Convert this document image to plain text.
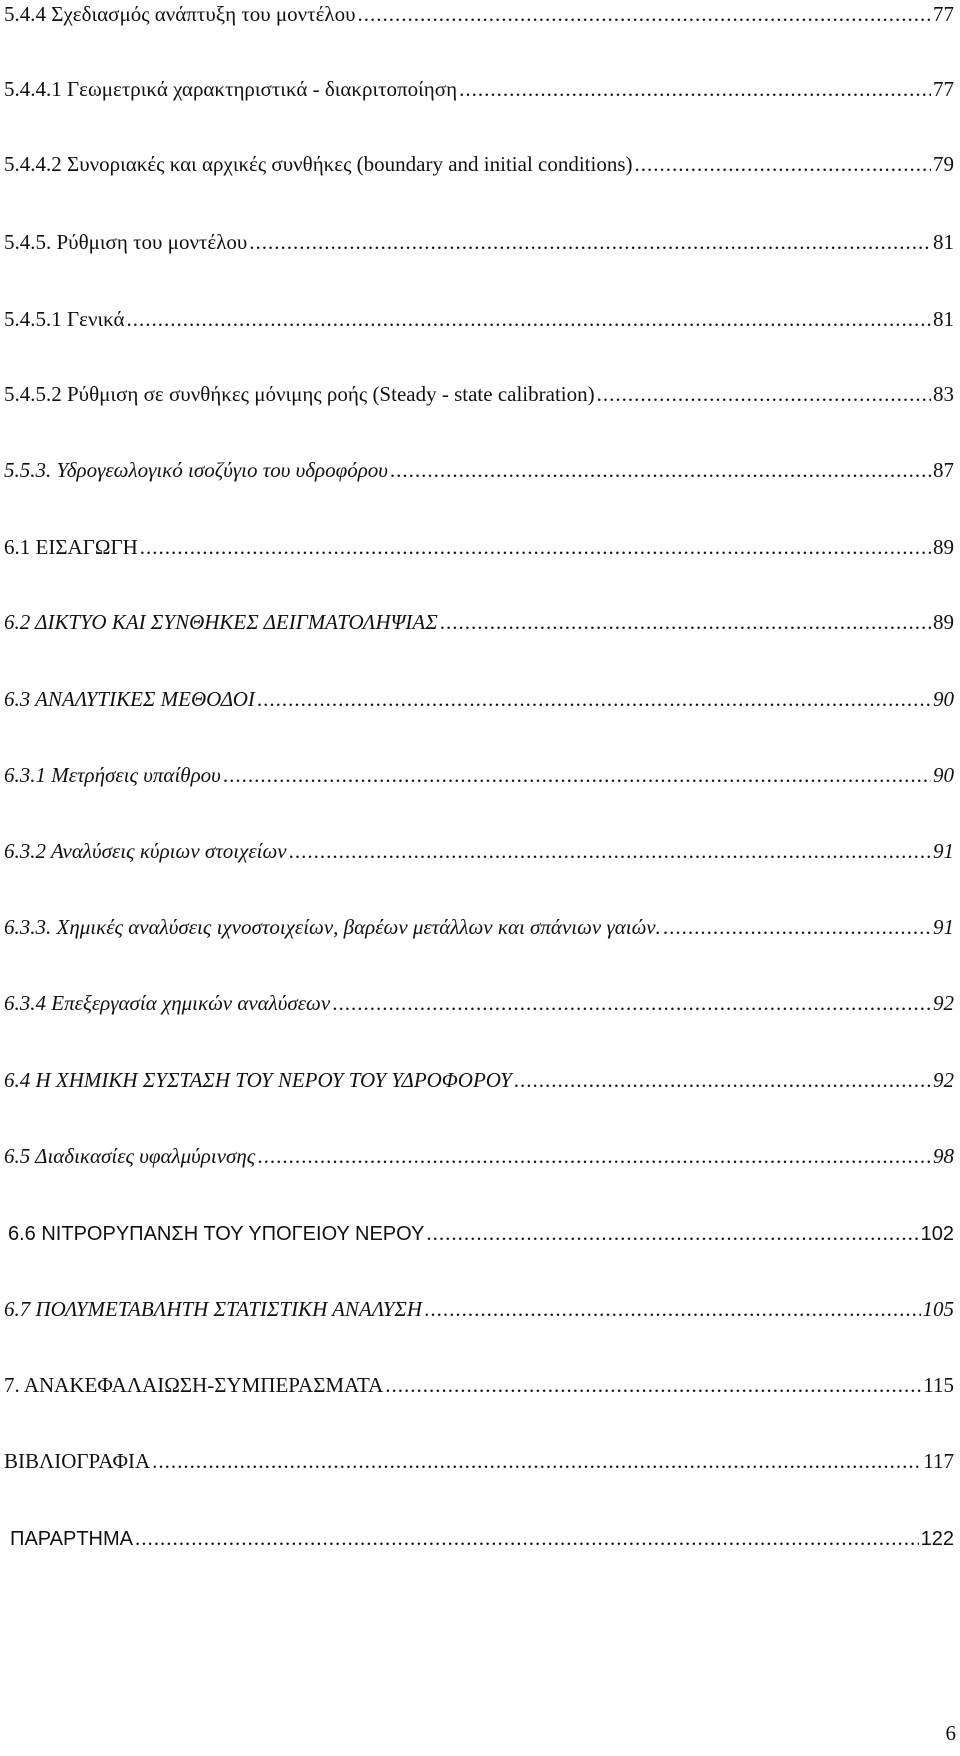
5.4.4 Σχεδιασμός ανάπτυξη του μοντέλου .....	77
5.4.4.1 Γεωμετρικά χαρακτηριστικά - διακριτοποίηση .....	77
5.4.4.2 Συνοριακές και αρχικές συνθήκες (boundary and initial conditions) .....	79
5.4.5. Ρύθμιση του μοντέλου .....	81
5.4.5.1 Γενικά .....	81
5.4.5.2 Ρύθμιση σε συνθήκες μόνιμης ροής (Steady - state calibration) .....	83
5.5.3. Υδρογεωλογικό ισοζύγιο του υδροφόρου .....	87
6.1 ΕΙΣΑΓΩΓΗ .....	89
6.2 ΔΙΚΤΥΟ ΚΑΙ ΣΥΝΘΗΚΕΣ ΔΕΙΓΜΑΤΟΛΗΨΙΑΣ .....	89
6.3 ΑΝΑΛΥΤΙΚΕΣ ΜΕΘΟΔΟΙ .....	90
6.3.1 Μετρήσεις υπαίθρου .....	90
6.3.2 Αναλύσεις κύριων στοιχείων .....	91
6.3.3. Χημικές αναλύσεις ιχνοστοιχείων, βαρέων μετάλλων και σπάνιων γαιών. .....	91
6.3.4 Επεξεργασία χημικών αναλύσεων .....	92
6.4 Η ΧΗΜΙΚΗ ΣΥΣΤΑΣΗ ΤΟΥ ΝΕΡΟΥ ΤΟΥ ΥΔΡΟΦΟΡΟΥ .....	92
6.5 Διαδικασίες υφαλμύρινσης .....	98
6.6 ΝΙΤΡΟΡΥΠΑΝΣΗ ΤΟΥ ΥΠΟΓΕΙΟΥ ΝΕΡΟΥ .....	102
6.7 ΠΟΛΥΜΕΤΑΒΛΗΤΗ ΣΤΑΤΙΣΤΙΚΗ ΑΝΑΛΥΣΗ .....	105
7. ΑΝΑΚΕΦΑΛΑΙΩΣΗ-ΣΥΜΠΕΡΑΣΜΑΤΑ .....	115
ΒΙΒΛΙΟΓΡΑΦΙΑ .....	117
ΠΑΡΑΡΤΗΜΑ .....	122
6
